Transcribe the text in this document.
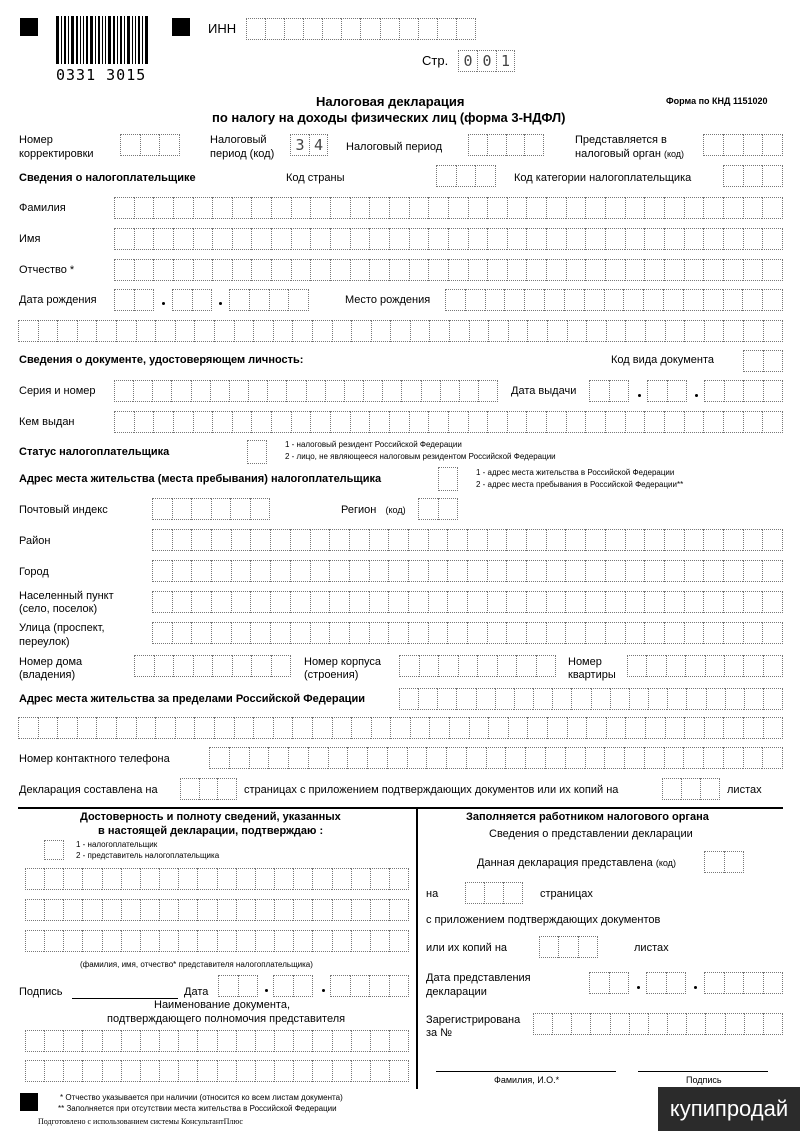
0331 3015
ИНН
Стр.	0 0 1
Налоговая декларация
по налогу на доходы физических лиц (форма 3-НДФЛ)
Форма по КНД 1151020
Номер
корректировки
Налоговый
период (код)	3 4	Налоговый период
Представляется в
налоговый орган (код)
Сведения о налогоплательщике	Код страны	Код категории налогоплательщика
Фамилия
Имя
Отчество *
Дата рождения	Место рождения
Сведения о документе, удостоверяющем личность:	Код вида документа
Серия и номер	Дата выдачи
Кем выдан
Статус налогоплательщика
1 - налоговый резидент Российской Федерации
2 - лицо, не являющееся налоговым резидентом Российской Федерации
Адрес места жительства (места пребывания) налогоплательщика
1 - адрес места жительства в Российской Федерации
2 - адрес места пребывания в Российской Федерации**
Почтовый индекс	Регион (код)
Район
Город
Населенный пункт
(село, поселок)
Улица (проспект,
переулок)
Номер дома
(владения)
Номер корпуса
(строения)
Номер
квартиры
Адрес места жительства за пределами Российской Федерации
Номер контактного телефона
Декларация составлена на	страницах с приложением подтверждающих документов или их копий на	листах
Достоверность и полноту сведений, указанных
в настоящей декларации, подтверждаю :
1 - налогоплательщик
2 - представитель налогоплательщика
(фамилия, имя, отчество* представителя налогоплательщика)
Подпись	Дата
Наименование документа,
подтверждающего полномочия представителя
Заполняется работником налогового органа
Сведения о представлении декларации
Данная декларация представлена (код)
на	страницах
с приложением подтверждающих документов
или их копий на	листах
Дата представления
декларации
Зарегистрирована
за №
Фамилия, И.О.*	Подпись
* Отчество указывается при наличии (относится ко всем листам документа)
** Заполняется при отсутствии места жительства в Российской Федерации
Подготовлено с использованием системы КонсультантПлюс
купипродай
